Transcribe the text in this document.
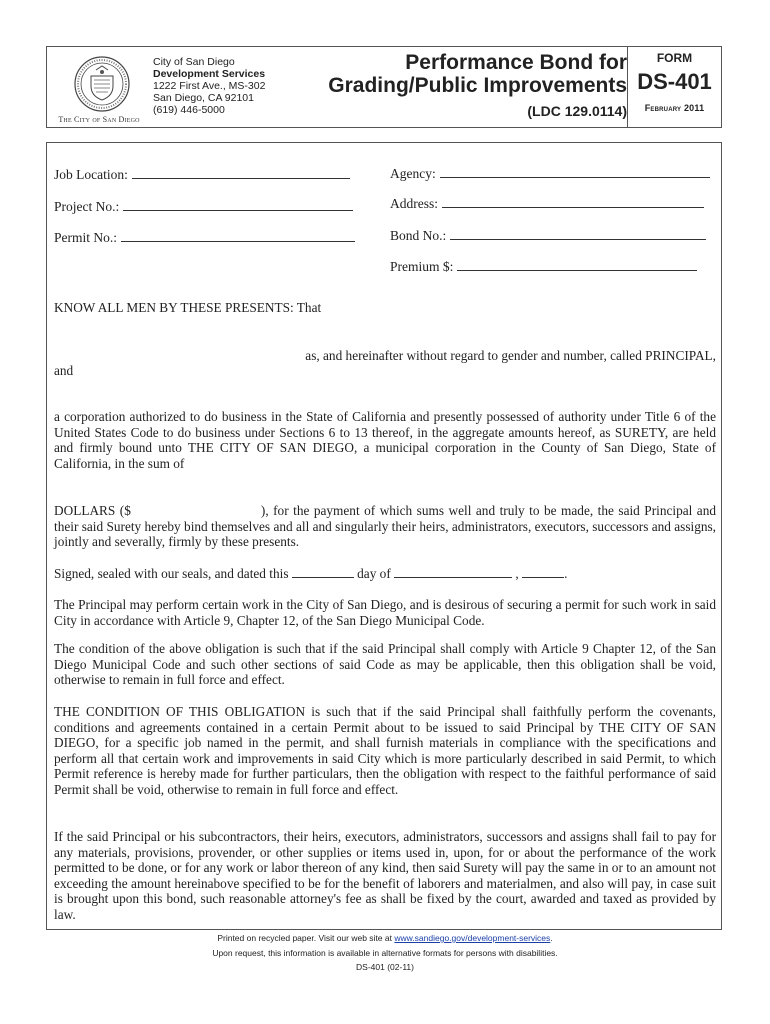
The City of San Diego
City of San Diego
Development Services
1222 First Ave., MS-302
San Diego, CA 92101
(619) 446-5000
Performance Bond for
Grading/Public Improvements
(LDC 129.0114)
FORM
DS-401
February 2011
Job Location:
Project No.:
Permit No.:
Agency:
Address:
Bond No.:
Premium $:
KNOW ALL MEN BY THESE PRESENTS: That
as, and hereinafter without regard to gender and number, called PRINCIPAL,
and
a corporation authorized to do business in the State of California and presently possessed of authority under Title 6 of the United States Code to do business under Sections 6 to 13 thereof, in the aggregate amounts hereof, as SURETY, are held and firmly bound unto THE CITY OF SAN DIEGO, a municipal corporation in the County of San Diego, State of California, in the sum of
DOLLARS ($	), for the payment of which sums well and truly to be made, the said Principal and their said Surety hereby bind themselves and all and singularly their heirs, administrators, executors, successors and assigns, jointly and severally, firmly by these presents.
Signed, sealed with our seals, and dated this	day of	,	.
The Principal may perform certain work in the City of San Diego, and is desirous of securing a permit for such work in said City in accordance with Article 9, Chapter 12, of the San Diego Municipal Code.
The condition of the above obligation is such that if the said Principal shall comply with Article 9 Chapter 12, of the San Diego Municipal Code and such other sections of said Code as may be applicable, then this obligation shall be void, otherwise to remain in full force and effect.
THE CONDITION OF THIS OBLIGATION is such that if the said Principal shall faithfully perform the covenants, conditions and agreements contained in a certain Permit about to be issued to said Principal by THE CITY OF SAN DIEGO, for a specific job named in the permit, and shall furnish materials in compliance with the specifications and perform all that certain work and improvements in said City which is more particularly described in said Permit, to which Permit reference is hereby made for further particulars, then the obligation with respect to the faithful performance of said Permit shall be void, otherwise to remain in full force and effect.
If the said Principal or his subcontractors, their heirs, executors, administrators, successors and assigns shall fail to pay for any materials, provisions, provender, or other supplies or items used in, upon, for or about the performance of the work permitted to be done, or for any work or labor thereon of any kind, then said Surety will pay the same in or to an amount not exceeding the amount hereinabove specified to be for the benefit of laborers and materialmen, and also will pay, in case suit is brought upon this bond, such reasonable attorney's fee as shall be fixed by the court, awarded and taxed as provided by law.
Printed on recycled paper. Visit our web site at www.sandiego.gov/development-services.
Upon request, this information is available in alternative formats for persons with disabilities.
DS-401 (02-11)
